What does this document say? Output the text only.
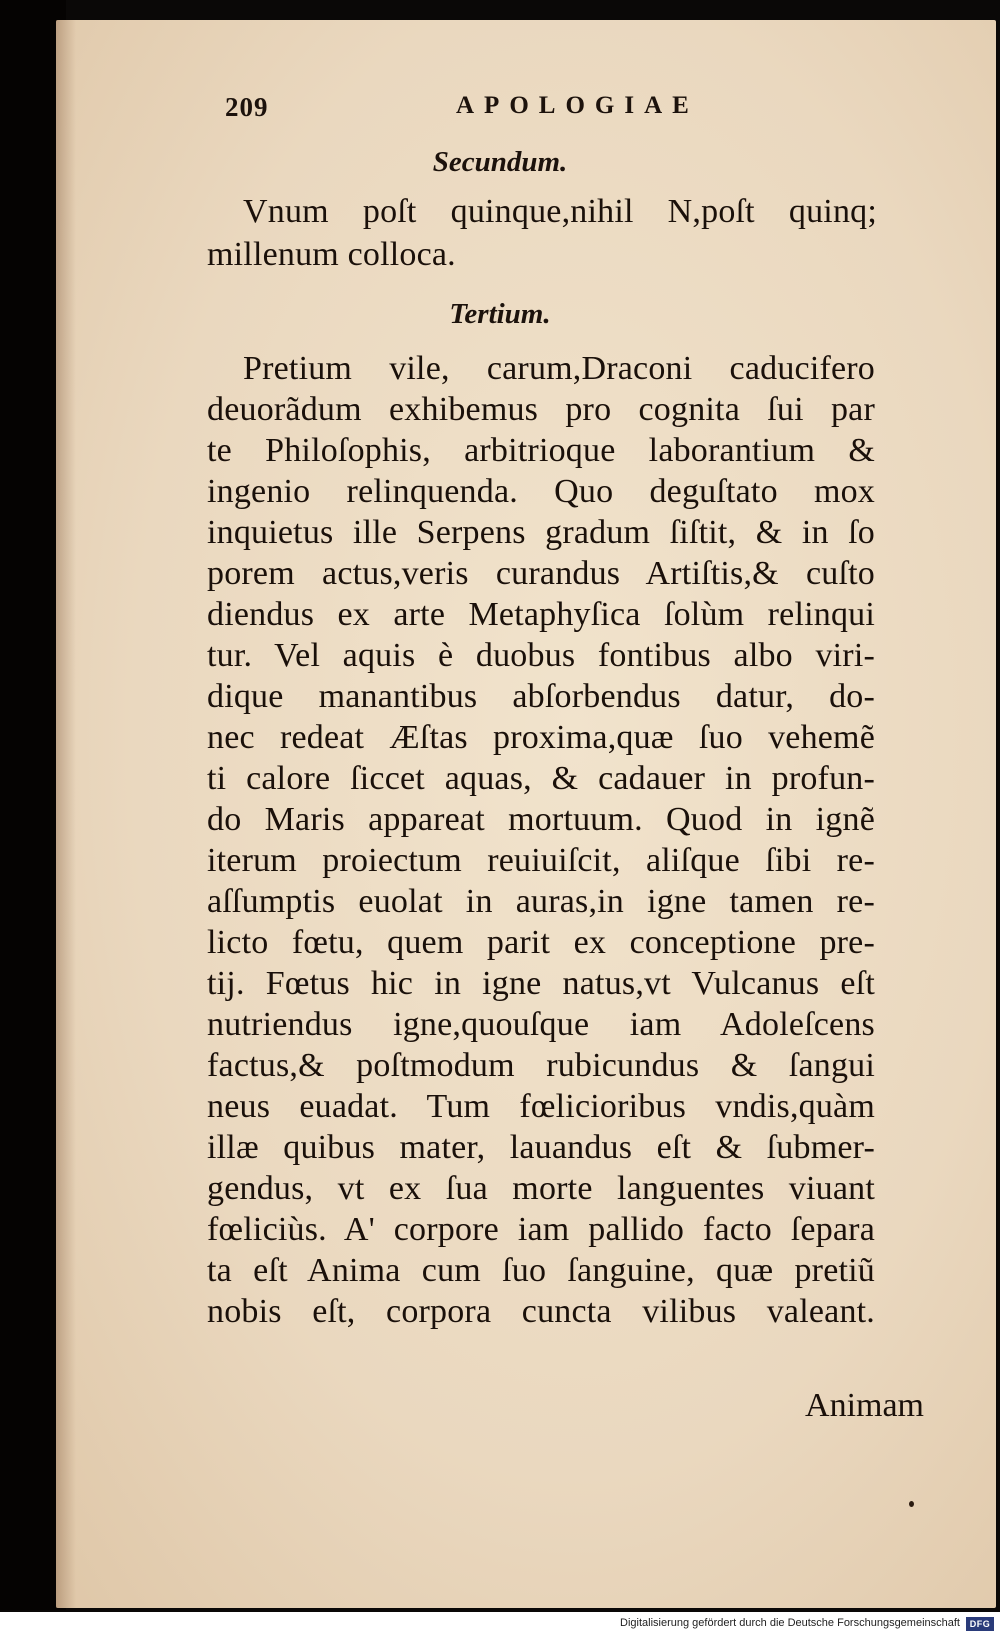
209	APOLOGIAE
Secundum.
Vnum poſt quinque,nihil N,poſt quinq;
millenum colloca.
Tertium.
Pretium vile, carum,Draconi caducifero
deuorãdum exhibemus pro cognita ſui par
te Philoſophis, arbitrioque laborantium &
ingenio relinquenda. Quo deguſtato mox
inquietus ille Serpens gradum ſiſtit, & in ſo
porem actus,veris curandus Artiſtis,& cuſto
diendus ex arte Metaphyſica ſolùm relinqui
tur. Vel aquis è duobus fontibus albo viri-
dique manantibus abſorbendus datur, do-
nec redeat Æſtas proxima,quæ ſuo vehemẽ
ti calore ſiccet aquas, & cadauer in profun-
do Maris appareat mortuum. Quod in ignẽ
iterum proiectum reuiuiſcit, aliſque ſibi re-
aſſumptis euolat in auras,in igne tamen re-
licto fœtu, quem parit ex conceptione pre-
tij. Fœtus hic in igne natus,vt Vulcanus eſt
nutriendus igne,quouſque iam Adoleſcens
factus,& poſtmodum rubicundus & ſangui
neus euadat. Tum fœlicioribus vndis,quàm
illæ quibus mater, lauandus eſt & ſubmer-
gendus, vt ex ſua morte languentes viuant
fœliciùs. A' corpore iam pallido facto ſepara
ta eſt Anima cum ſuo ſanguine, quæ pretiũ
nobis eſt, corpora cuncta vilibus valeant.
Animam
Digitalisierung gefördert durch die Deutsche Forschungsgemeinschaft	DFG
